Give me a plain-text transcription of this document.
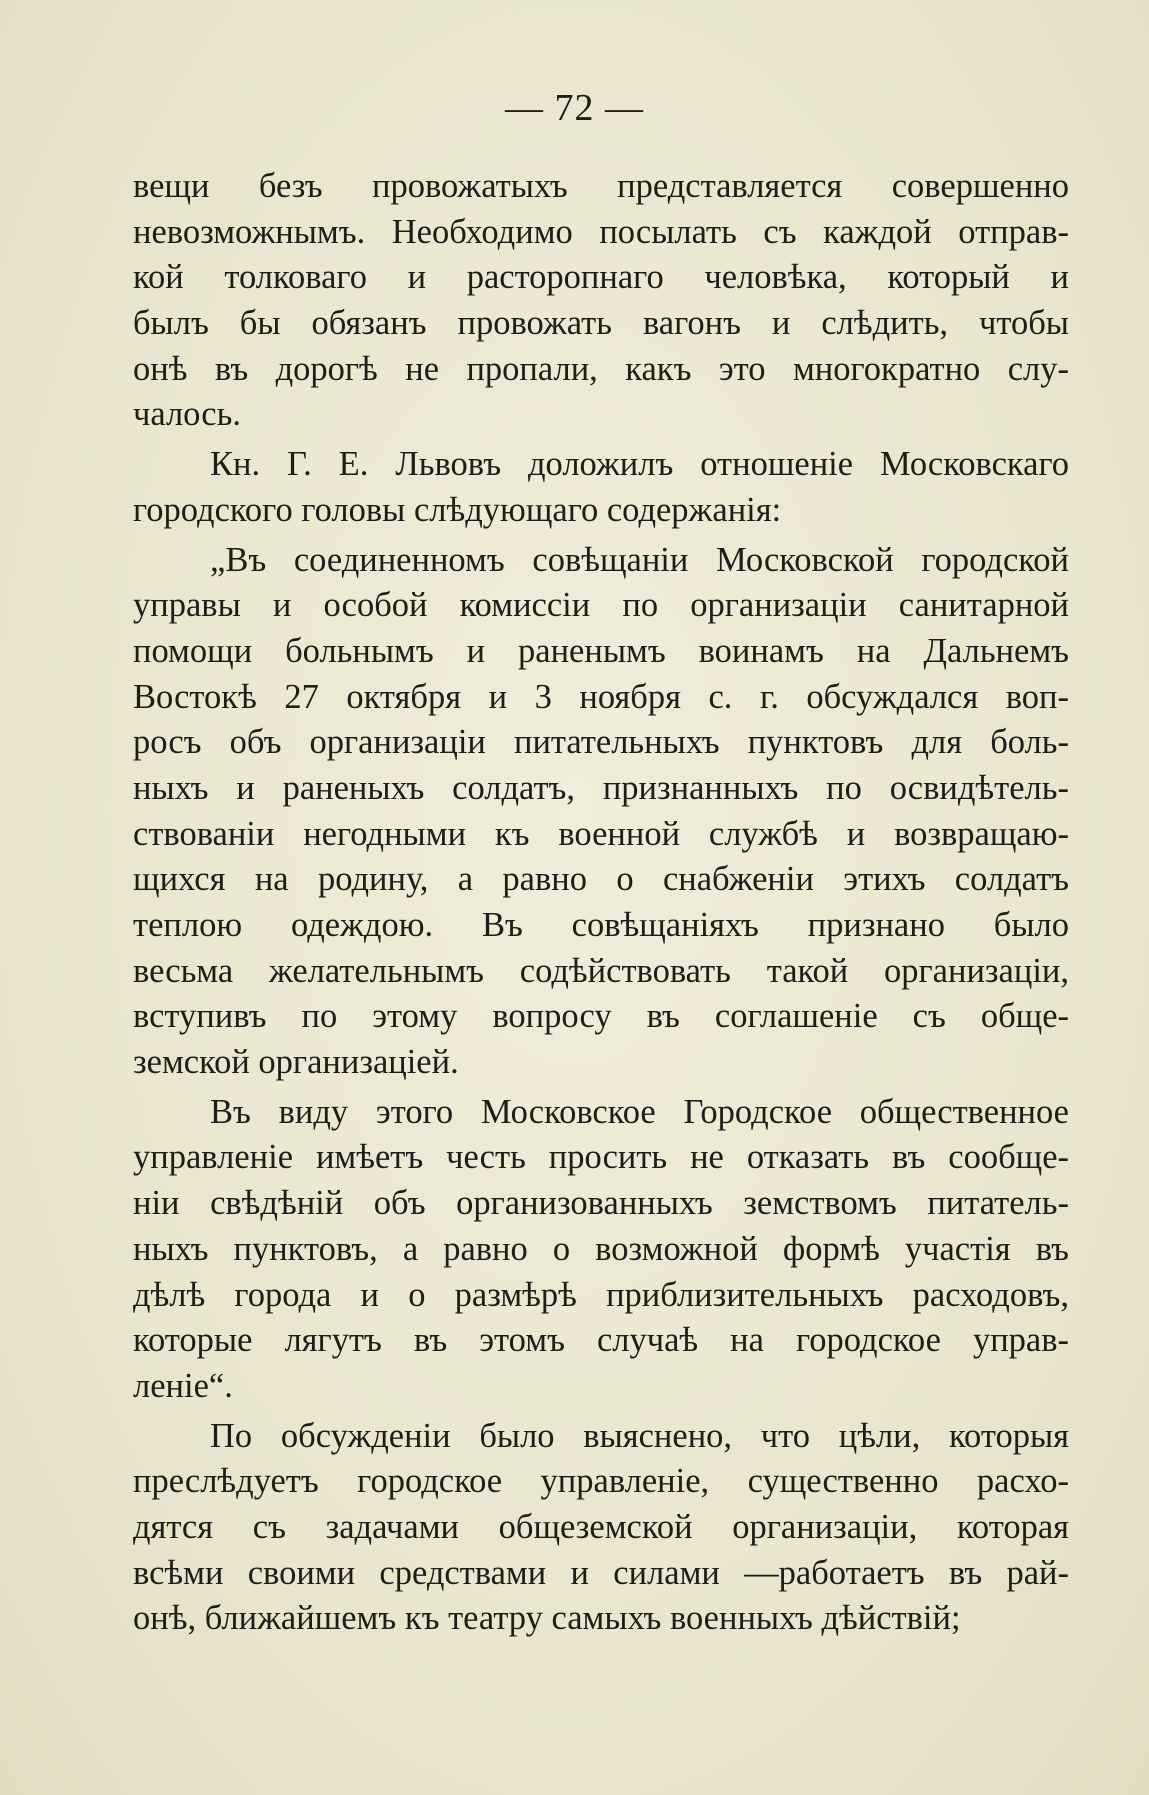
— 72 —
вещи безъ провожатыхъ представляется совершенно
невозможнымъ. Необходимо посылать съ каждой отправ-
кой толковаго и расторопнаго человѣка, который и
былъ бы обязанъ провожать вагонъ и слѣдить, чтобы
онѣ въ дорогѣ не пропали, какъ это многократно слу-
чалось.
Кн. Г. Е. Львовъ доложилъ отношеніе Московскаго
городского головы слѣдующаго содержанія:
„Въ соединенномъ совѣщаніи Московской городской
управы и особой комиссіи по организаціи санитарной
помощи больнымъ и раненымъ воинамъ на Дальнемъ
Востокѣ 27 октября и 3 ноября с. г. обсуждался воп-
росъ объ организаціи питательныхъ пунктовъ для боль-
ныхъ и раненыхъ солдатъ, признанныхъ по освидѣтель-
ствованіи негодными къ военной службѣ и возвращаю-
щихся на родину, а равно о снабженіи этихъ солдатъ
теплою одеждою. Въ совѣщаніяхъ признано было
весьма желательнымъ содѣйствовать такой организаціи,
вступивъ по этому вопросу въ соглашеніе съ обще-
земской организаціей.
Въ виду этого Московское Городское общественное
управленіе имѣетъ честь просить не отказать въ сообще-
ніи свѣдѣній объ организованныхъ земствомъ питатель-
ныхъ пунктовъ, а равно о возможной формѣ участія въ
дѣлѣ города и о размѣрѣ приблизительныхъ расходовъ,
которые лягутъ въ этомъ случаѣ на городское управ-
леніе“.
По обсужденіи было выяснено, что цѣли, которыя
преслѣдуетъ городское управленіе, существенно расхо-
дятся съ задачами общеземской организаціи, которая
всѣми своими средствами и силами —работаетъ въ рай-
онѣ, ближайшемъ къ театру самыхъ военныхъ дѣйствій;
